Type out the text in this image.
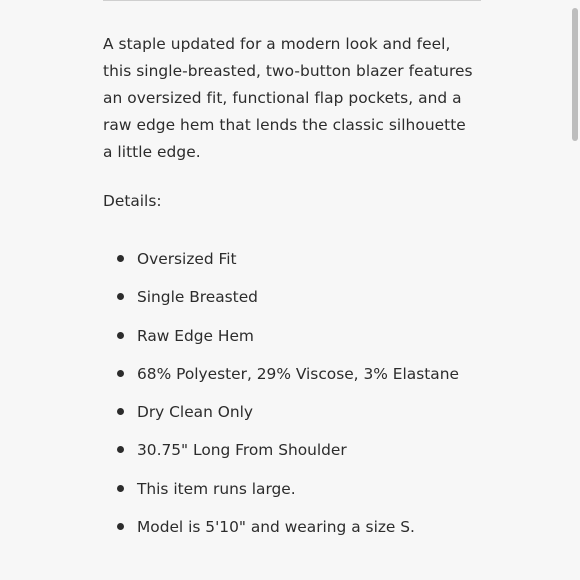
A staple updated for a modern look and feel, this single-breasted, two-button blazer features an oversized fit, functional flap pockets, and a raw edge hem that lends the classic silhouette a little edge.

Details:

Oversized Fit
Single Breasted
Raw Edge Hem
68% Polyester, 29% Viscose, 3% Elastane
Dry Clean Only
30.75" Long From Shoulder
This item runs large.
Model is 5'10" and wearing a size S.
